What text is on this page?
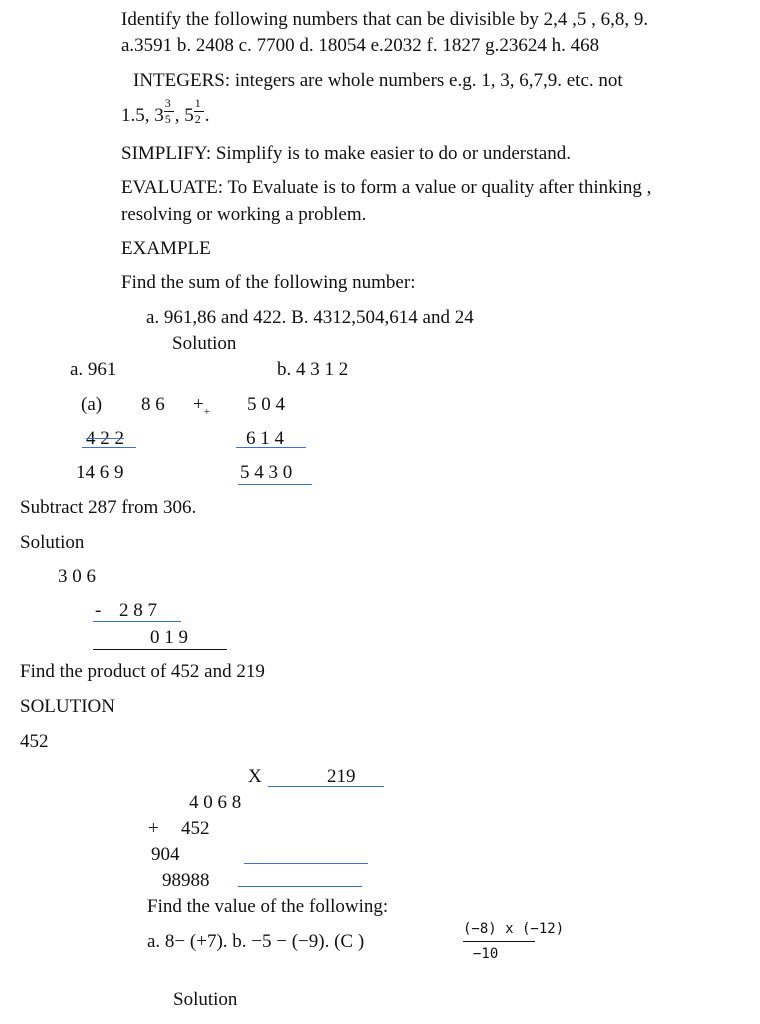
Identify the following numbers that can be divisible by 2,4 ,5 , 6,8, 9.
a.3591 b. 2408 c. 7700 d. 18054 e.2032 f. 1827 g.23624 h. 468
INTEGERS: integers are whole numbers e.g. 1, 3, 6,7,9. etc. not
1.5, $3 \frac{3}{5}$ , $5 \frac{1}{2}$ .
SIMPLIFY: Simplify is to make easier to do or understand.
EVALUATE: To Evaluate is to form a value or quality after thinking ,
resolving or working a problem.
EXAMPLE
Find the sum of the following number:
a. 961,86 and 422. B. 4312,504,614 and 24
Solution
a. 961
(a) 8 $6 +_+$
4 2 2
14 6 9
b. 4 3 1 2
5 0 4
6 1 4
5 4 3 0
Subtract 287 from 306.
Solution
3 0 6
- 2 8 7
0 1 9
Find the product of 452 and 219
SOLUTION
452
X	219
4 0 6 8
+ 452
904
98988
Find the value of the following:
a. 8− (+7). b. −5 − (−9). (C )
(−8) x (−12)
−10
Solution
